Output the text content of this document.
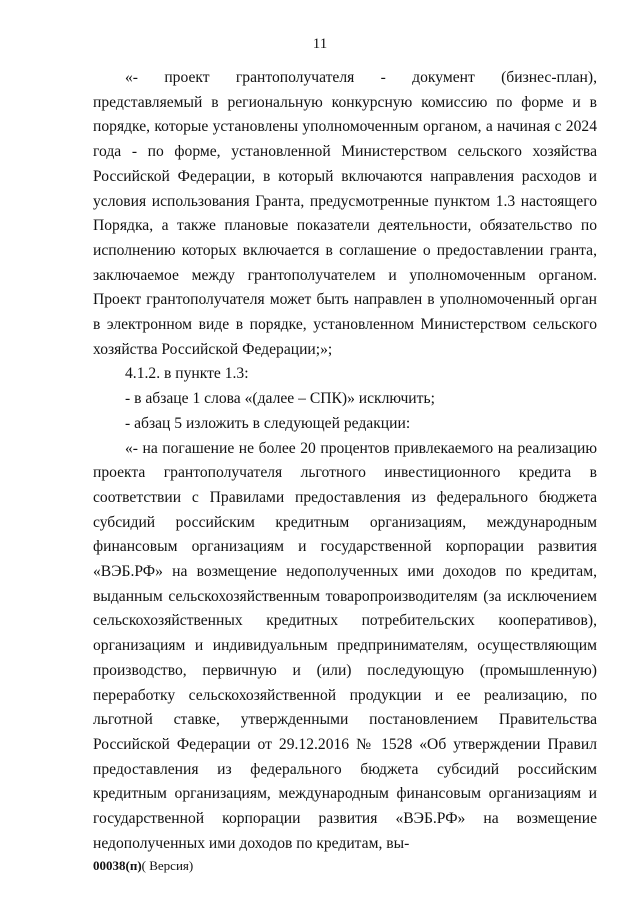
11

«- проект грантополучателя - документ (бизнес-план), представляемый в региональную конкурсную комиссию по форме и в порядке, которые установлены уполномоченным органом, а начиная с 2024 года - по форме, установленной Министерством сельского хозяйства Российской Федерации, в который включаются направления расходов и условия использования Гранта, предусмотренные пунктом 1.3 настоящего Порядка, а также плановые показатели деятельности, обязательство по исполнению которых включается в соглашение о предоставлении гранта, заключаемое между грантополучателем и уполномоченным органом. Проект грантополучателя может быть направлен в уполномоченный орган в электронном виде в порядке, установленном Министерством сельского хозяйства Российской Федерации;»;

4.1.2. в пункте 1.3:

- в абзаце 1 слова «(далее – СПК)» исключить;

- абзац 5 изложить в следующей редакции:

«- на погашение не более 20 процентов привлекаемого на реализацию проекта грантополучателя льготного инвестиционного кредита в соответствии с Правилами предоставления из федерального бюджета субсидий российским кредитным организациям, международным финансовым организациям и государственной корпорации развития «ВЭБ.РФ» на возмещение недополученных ими доходов по кредитам, выданным сельскохозяйственным товаропроизводителям (за исключением сельскохозяйственных кредитных потребительских кооперативов), организациям и индивидуальным предпринимателям, осуществляющим производство, первичную и (или) последующую (промышленную) переработку сельскохозяйственной продукции и ее реализацию, по льготной ставке, утвержденными постановлением Правительства Российской Федерации от 29.12.2016 № 1528 «Об утверждении Правил предоставления из федерального бюджета субсидий российским кредитным организациям, международным финансовым организациям и государственной корпорации развития «ВЭБ.РФ» на возмещение недополученных ими доходов по кредитам, вы-

00038(п)( Версия)
